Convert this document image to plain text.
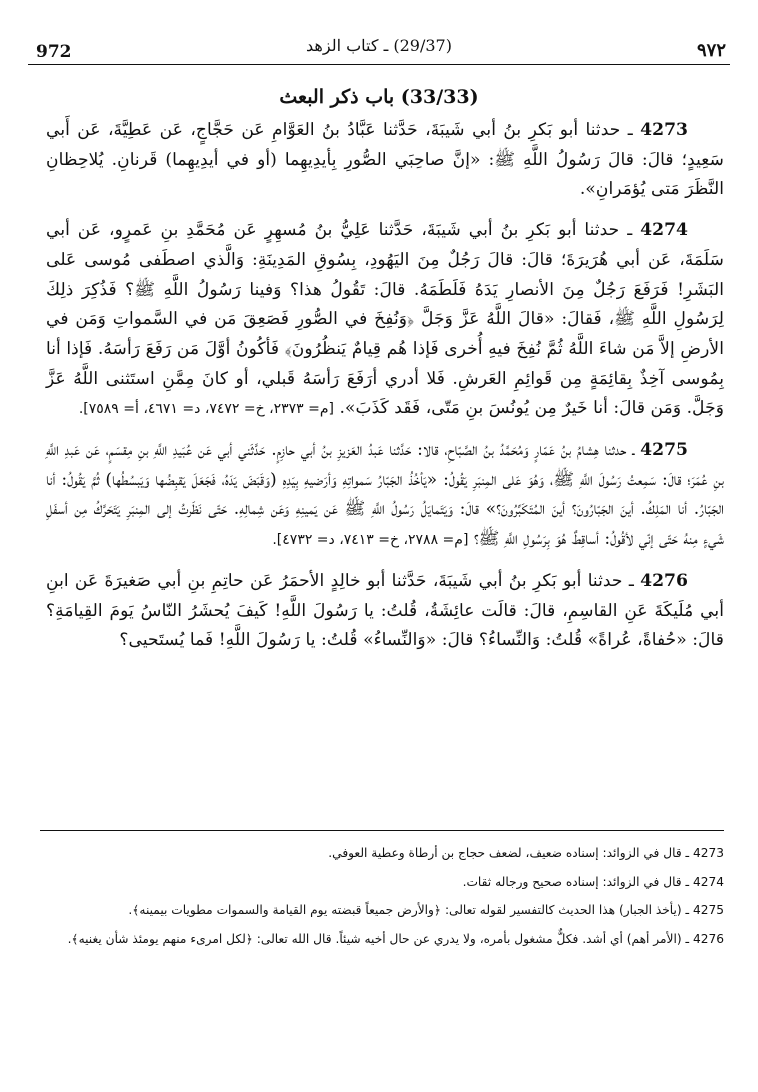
972	(29/37) ـ كتاب الزهد	٩٧٢
(33/33) باب ذكر البعث

4273 ـ حدثنا أبو بَكرِ بنُ أبي شَيبَةَ، حَدَّثنا عَبَّادُ بنُ العَوَّامِ عَن حَجَّاجٍ، عَن عَطِيَّةَ، عَن أَبي سَعِيدٍ؛ قالَ: قالَ رَسُولُ اللَّهِ ﷺ: «إنَّ صاحِبَي الصُّورِ بِأيدِيهِما (أو في أيدِيهِما) قَرنانِ. يُلاحِظانِ النَّظَرَ مَتى يُؤمَرانِ».

4274 ـ حدثنا أبو بَكرِ بنُ أبي شَيبَةَ، حَدَّثنا عَلِيُّ بنُ مُسهِرٍ عَن مُحَمَّدِ بنِ عَمرٍو، عَن أبي سَلَمَةَ، عَن أبي هُرَيرَةَ؛ قالَ: قالَ رَجُلٌ مِنَ اليَهُودِ، بِسُوقِ المَدِينَةِ: وَالَّذي اصطَفى مُوسى عَلى البَشَرِ! فَرَفَعَ رَجُلٌ مِنَ الأنصارِ يَدَهُ فَلَطَمَهُ. قالَ: تَقُولُ هذا؟ وَفينا رَسُولُ اللَّهِ ﷺ؟ فَذُكِرَ ذلِكَ لِرَسُولِ اللَّهِ ﷺ، فَقالَ: «قالَ اللَّهُ عَزَّ وَجَلَّ ﴿وَنُفِخَ في الصُّورِ فَصَعِقَ مَن في السَّمواتِ وَمَن في الأرضِ إلاَّ مَن شاءَ اللَّهُ ثُمَّ نُفِخَ فيهِ أُخرى فَإذا هُم قِيامٌ يَنظُرُونَ﴾ فَأكُونُ أوَّلَ مَن رَفَعَ رَأسَهُ. فَإذا أنا بِمُوسى آخِذٌ بِقائِمَةٍ مِن قَوائِمِ العَرشِ. فَلا أدري أرَفَعَ رَأسَهُ قَبلي، أو كانَ مِمَّنِ استَثنى اللَّهُ عَزَّ وَجَلَّ. وَمَن قالَ: أنا خَيرٌ مِن يُونُسَ بنِ مَتّى، فَقَد كَذَبَ». [م= ٢٣٧٣، خ= ٧٤٧٢، د= ٤٦٧١، أ= ٧٥٨٩].

4275 ـ حدثنا هِشامُ بنُ عَمّارٍ وَمُحَمَّدُ بنُ الصَّبّاحِ، قالا: حَدَّثنا عَبدُ العَزيزِ بنُ أبي حازِمٍ. حَدَّثَني أبي عَن عُبَيدِ اللَّهِ بنِ مِقسَمٍ، عَن عَبدِ اللَّهِ بنِ عُمَرَ؛ قالَ: سَمِعتُ رَسُولَ اللَّهِ ﷺ، وَهُوَ عَلى المِنبَرِ يَقُولُ: «يَأخُذُ الجَبّارُ سَمواتِهِ وَأرَضيهِ بِيَدِهِ (وَقَبَضَ يَدَهُ، فَجَعَلَ يَقبِضُها وَيَبسُطُها) ثُمَّ يَقُولُ: أنا الجَبّارُ. أنا المَلِكُ. أينَ الجَبّارُونَ؟ أينَ المُتَكَبِّرُونَ؟» قالَ: وَيَتَمايَلُ رَسُولُ اللَّهِ ﷺ عَن يَمينِهِ وَعَن شِمالِهِ. حَتّى نَظَرتُ إلى المِنبَرِ يَتَحَرَّكُ مِن أسفَلِ شَيءٍ مِنهُ حَتّى إنّي لأقُولُ: أساقِطٌ هُوَ بِرَسُولِ اللَّهِ ﷺ؟ [م= ٢٧٨٨، خ= ٧٤١٣، د= ٤٧٣٢].

4276 ـ حدثنا أبو بَكرِ بنُ أبي شَيبَةَ، حَدَّثنا أبو خالِدٍ الأحمَرُ عَن حاتِمِ بنِ أبي صَغيرَةَ عَن ابنِ أبي مُلَيكَةَ عَنِ القاسِمِ، قالَ: قالَت عائِشَةُ، قُلتُ: يا رَسُولَ اللَّهِ! كَيفَ يُحشَرُ النّاسُ يَومَ القِيامَةِ؟ قالَ: «حُفاةً، عُراةً» قُلتُ: وَالنِّساءُ؟ قالَ: «وَالنِّساءُ» قُلتُ: يا رَسُولَ اللَّهِ! فَما يُستَحيى؟

4273 ـ قال في الزوائد: إسناده ضعيف، لضعف حجاج بن أرطاة وعطية العوفي.

4274 ـ قال في الزوائد: إسناده صحيح ورجاله ثقات.

4275 ـ (يأخذ الجبار) هذا الحديث كالتفسير لقوله تعالى: ﴿والأرض جميعاً قبضته يوم القيامة والسموات مطويات بيمينه﴾.

4276 ـ (الأمر أهم) أي أشد. فكلٌّ مشغول بأمره، ولا يدري عن حال أخيه شيئاً. قال الله تعالى: ﴿لكل امرىء منهم يومئذ شأن يغنيه﴾.
